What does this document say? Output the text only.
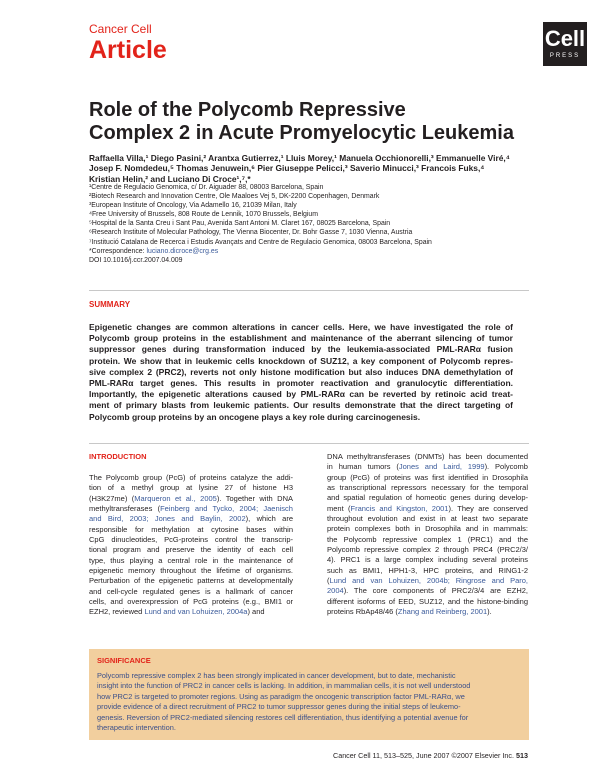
Cancer Cell
Article	Cell
PRESS
Role of the Polycomb Repressive
Complex 2 in Acute Promyelocytic Leukemia
Raffaella Villa,¹ Diego Pasini,² Arantxa Gutierrez,¹ Lluis Morey,¹ Manuela Occhionorelli,³ Emmanuelle Viré,⁴
Josep F. Nomdedeu,⁵ Thomas Jenuwein,⁶ Pier Giuseppe Pelicci,³ Saverio Minucci,³ Francois Fuks,⁴
Kristian Helin,² and Luciano Di Croce¹,⁷,*
¹Centre de Regulacio Genomica, c/ Dr. Aiguader 88, 08003 Barcelona, Spain
²Biotech Research and Innovation Centre, Ole Maaloes Vej 5, DK-2200 Copenhagen, Denmark
³European Institute of Oncology, Via Adamello 16, 21039 Milan, Italy
⁴Free University of Brussels, 808 Route de Lennik, 1070 Brussels, Belgium
⁵Hospital de la Santa Creu i Sant Pau, Avenida Sant Antoni M. Claret 167, 08025 Barcelona, Spain
⁶Research Institute of Molecular Pathology, The Vienna Biocenter, Dr. Bohr Gasse 7, 1030 Vienna, Austria
⁷Institució Catalana de Recerca i Estudis Avançats and Centre de Regulacio Genomica, 08003 Barcelona, Spain
*Correspondence: luciano.dicroce@crg.es
DOI 10.1016/j.ccr.2007.04.009
SUMMARY
Epigenetic changes are common alterations in cancer cells. Here, we have investigated the role of
Polycomb group proteins in the establishment and maintenance of the aberrant silencing of tumor
suppressor genes during transformation induced by the leukemia-associated PML-RARα fusion
protein. We show that in leukemic cells knockdown of SUZ12, a key component of Polycomb repres-
sive complex 2 (PRC2), reverts not only histone modification but also induces DNA demethylation of
PML-RARα target genes. This results in promoter reactivation and granulocytic differentiation.
Importantly, the epigenetic alterations caused by PML-RARα can be reverted by retinoic acid treat-
ment of primary blasts from leukemic patients. Our results demonstrate that the direct targeting of
Polycomb group proteins by an oncogene plays a key role during carcinogenesis.
INTRODUCTION
The Polycomb group (PcG) of proteins catalyze the addi-
tion of a methyl group at lysine 27 of histone H3
(H3K27me) (Marqueron et al., 2005). Together with DNA
methyltransferases (Feinberg and Tycko, 2004; Jaenisch
and Bird, 2003; Jones and Baylin, 2002), which are
responsible for methylation at cytosine bases within
CpG dinucleotides, PcG-proteins control the transcrip-
tional program and preserve the identity of each cell
type, thus playing a central role in the maintenance of
epigenetic memory throughout the lifetime of organisms.
Perturbation of the epigenetic patterns at developmentally
and cell-cycle regulated genes is a hallmark of cancer
cells, and overexpression of PcG proteins (e.g., BMI1 or
EZH2, reviewed Lund and van Lohuizen, 2004a) and
DNA methyltransferases (DNMTs) has been documented
in human tumors (Jones and Laird, 1999). Polycomb
group (PcG) of proteins was first identified in Drosophila
as transcriptional repressors necessary for the temporal
and spatial regulation of homeotic genes during develop-
ment (Francis and Kingston, 2001). They are conserved
throughout evolution and exist in at least two separate
protein complexes both in Drosophila and in mammals:
the Polycomb repressive complex 1 (PRC1) and the
Polycomb repressive complex 2 through PRC4 (PRC2/3/
4). PRC1 is a large complex including several proteins
such as BMI1, HPH1-3, HPC proteins, and RING1-2
(Lund and van Lohuizen, 2004b; Ringrose and Paro,
2004). The core components of PRC2/3/4 are EZH2,
different isoforms of EED, SUZ12, and the histone-binding
proteins RbAp48/46 (Zhang and Reinberg, 2001).
SIGNIFICANCE
Polycomb repressive complex 2 has been strongly implicated in cancer development, but to date, mechanistic
insight into the function of PRC2 in cancer cells is lacking. In addition, in mammalian cells, it is not well understood
how PRC2 is targeted to promoter regions. Using as paradigm the oncogenic transcription factor PML-RARα, we
provide evidence of a direct recruitment of PRC2 to tumor suppressor genes during the initial steps of leukemo-
genesis. Reversion of PRC2-mediated silencing restores cell differentiation, thus identifying a potential avenue for
therapeutic intervention.
Cancer Cell 11, 513–525, June 2007 ©2007 Elsevier Inc. 513
